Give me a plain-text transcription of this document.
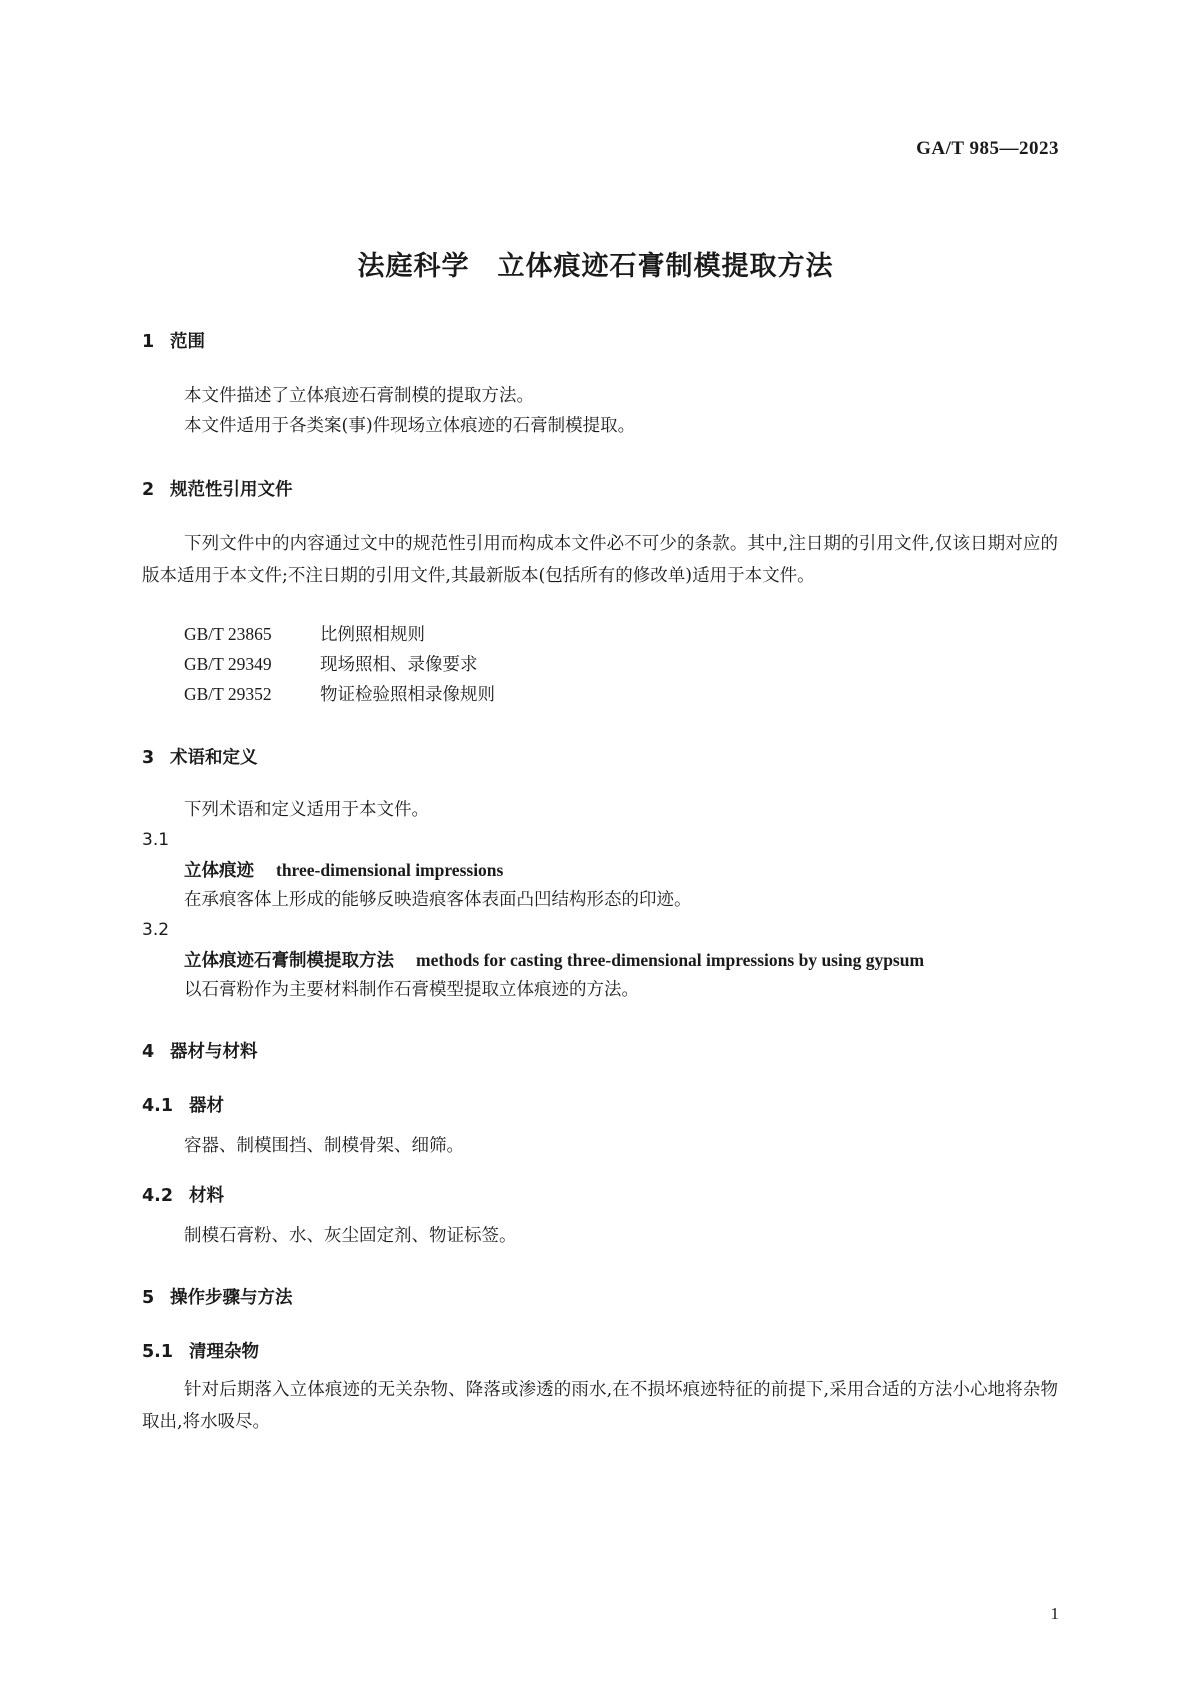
GA/T 985—2023
法庭科学　立体痕迹石膏制模提取方法
1 范围
本文件描述了立体痕迹石膏制模的提取方法。
本文件适用于各类案(事)件现场立体痕迹的石膏制模提取。
2 规范性引用文件
下列文件中的内容通过文中的规范性引用而构成本文件必不可少的条款。其中,注日期的引用文件,仅该日期对应的版本适用于本文件;不注日期的引用文件,其最新版本(包括所有的修改单)适用于本文件。
GB/T 23865	比例照相规则
GB/T 29349	现场照相、录像要求
GB/T 29352	物证检验照相录像规则
3 术语和定义
下列术语和定义适用于本文件。
3.1
立体痕迹 three-dimensional impressions
在承痕客体上形成的能够反映造痕客体表面凸凹结构形态的印迹。
3.2
立体痕迹石膏制模提取方法 methods for casting three-dimensional impressions by using gypsum
以石膏粉作为主要材料制作石膏模型提取立体痕迹的方法。
4 器材与材料
4.1 器材
容器、制模围挡、制模骨架、细筛。
4.2 材料
制模石膏粉、水、灰尘固定剂、物证标签。
5 操作步骤与方法
5.1 清理杂物
针对后期落入立体痕迹的无关杂物、降落或渗透的雨水,在不损坏痕迹特征的前提下,采用合适的方法小心地将杂物取出,将水吸尽。
1
